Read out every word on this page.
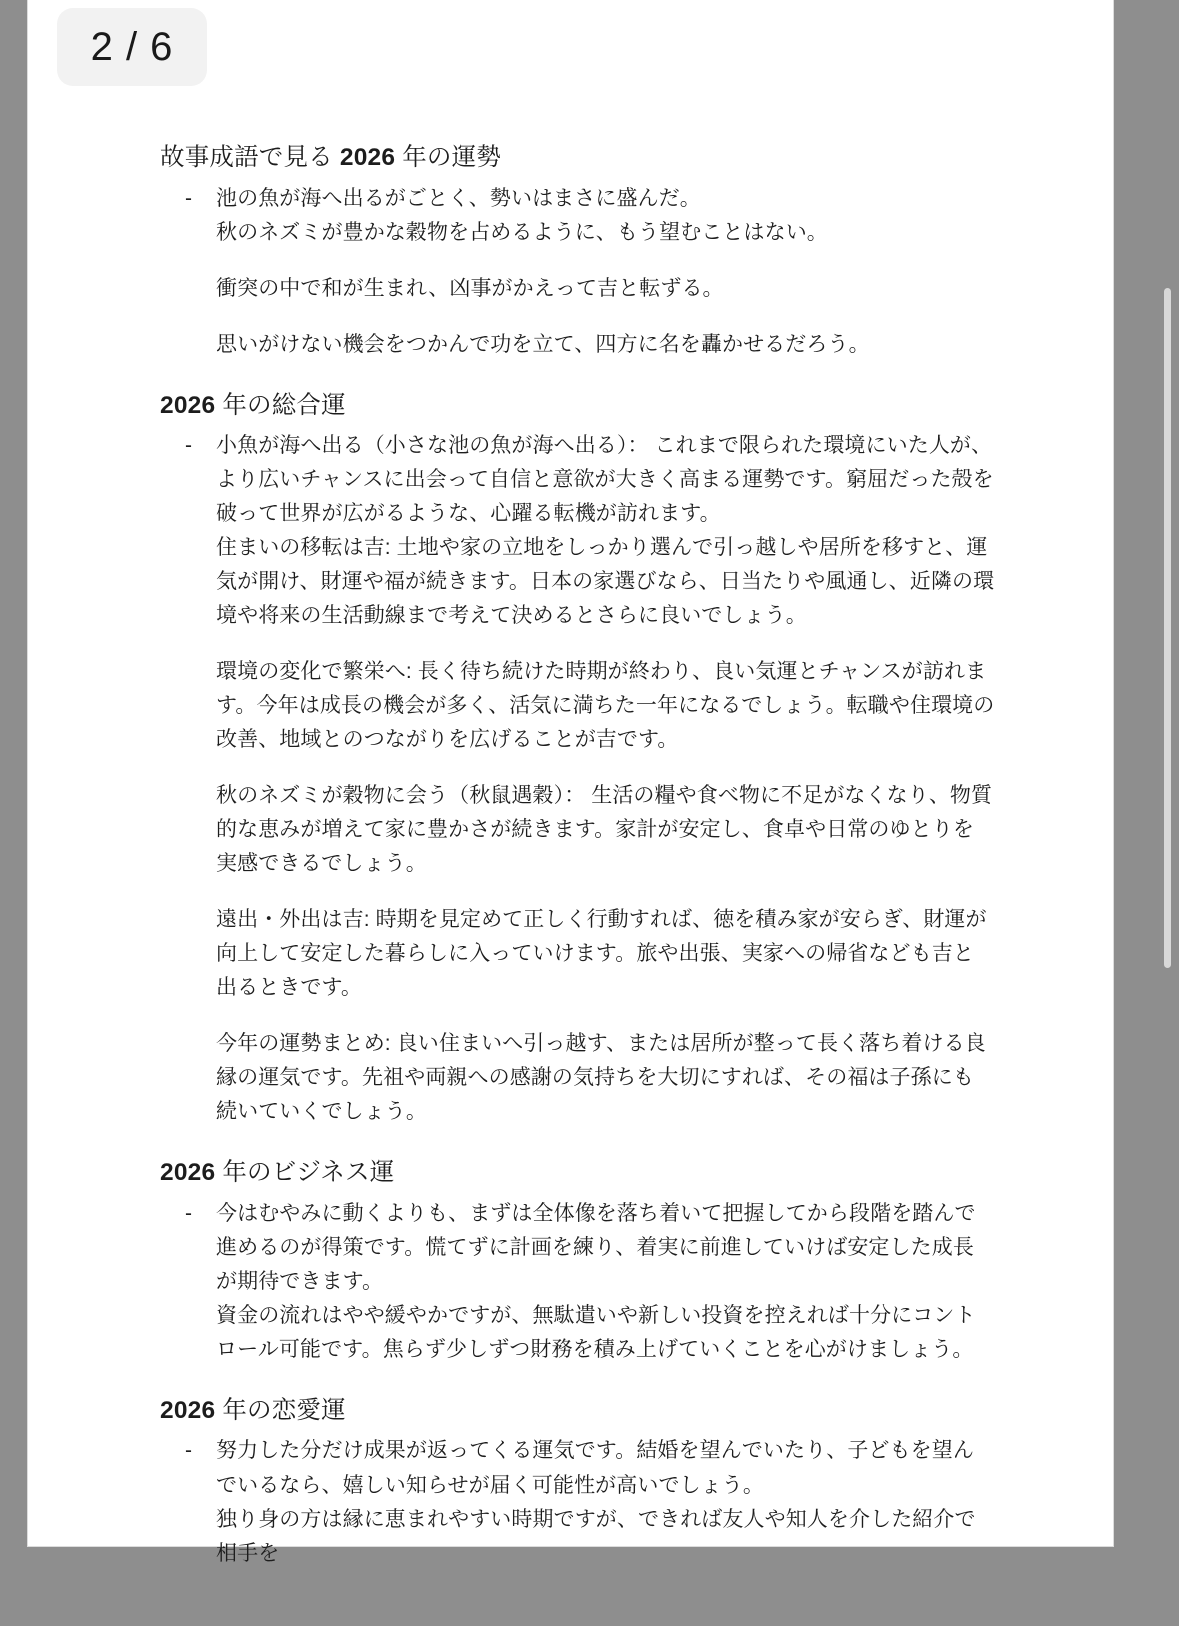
故事成語で見る 2026 年の運勢
-	池の魚が海へ出るがごとく、勢いはまさに盛んだ。

秋のネズミが豊かな穀物を占めるように、もう望むことはない。

衝突の中で和が生まれ、凶事がかえって吉と転ずる。

思いがけない機会をつかんで功を立て、四方に名を轟かせるだろう。

2026 年の総合運
-	小魚が海へ出る（小さな池の魚が海へ出る）： これまで限られた環境にいた人が、より広いチャンスに出会って自信と意欲が大きく高まる運勢です。窮屈だった殻を破って世界が広がるような、心躍る転機が訪れます。

住まいの移転は吉: 土地や家の立地をしっかり選んで引っ越しや居所を移すと、運気が開け、財運や福が続きます。日本の家選びなら、日当たりや風通し、近隣の環境や将来の生活動線まで考えて決めるとさらに良いでしょう。

環境の変化で繁栄へ: 長く待ち続けた時期が終わり、良い気運とチャンスが訪れます。今年は成長の機会が多く、活気に満ちた一年になるでしょう。転職や住環境の改善、地域とのつながりを広げることが吉です。

秋のネズミが穀物に会う（秋鼠遇穀）： 生活の糧や食べ物に不足がなくなり、物質的な恵みが増えて家に豊かさが続きます。家計が安定し、食卓や日常のゆとりを実感できるでしょう。

遠出・外出は吉: 時期を見定めて正しく行動すれば、徳を積み家が安らぎ、財運が向上して安定した暮らしに入っていけます。旅や出張、実家への帰省なども吉と出るときです。

今年の運勢まとめ: 良い住まいへ引っ越す、または居所が整って長く落ち着ける良縁の運気です。先祖や両親への感謝の気持ちを大切にすれば、その福は子孫にも続いていくでしょう。

2026 年のビジネス運
-	今はむやみに動くよりも、まずは全体像を落ち着いて把握してから段階を踏んで進めるのが得策です。慌てずに計画を練り、着実に前進していけば安定した成長が期待できます。

資金の流れはやや緩やかですが、無駄遣いや新しい投資を控えれば十分にコントロール可能です。焦らず少しずつ財務を積み上げていくことを心がけましょう。

2026 年の恋愛運
-	努力した分だけ成果が返ってくる運気です。結婚を望んでいたり、子どもを望んでいるなら、嬉しい知らせが届く可能性が高いでしょう。

独り身の方は縁に恵まれやすい時期ですが、できれば友人や知人を介した紹介で相手を

2 / 6
